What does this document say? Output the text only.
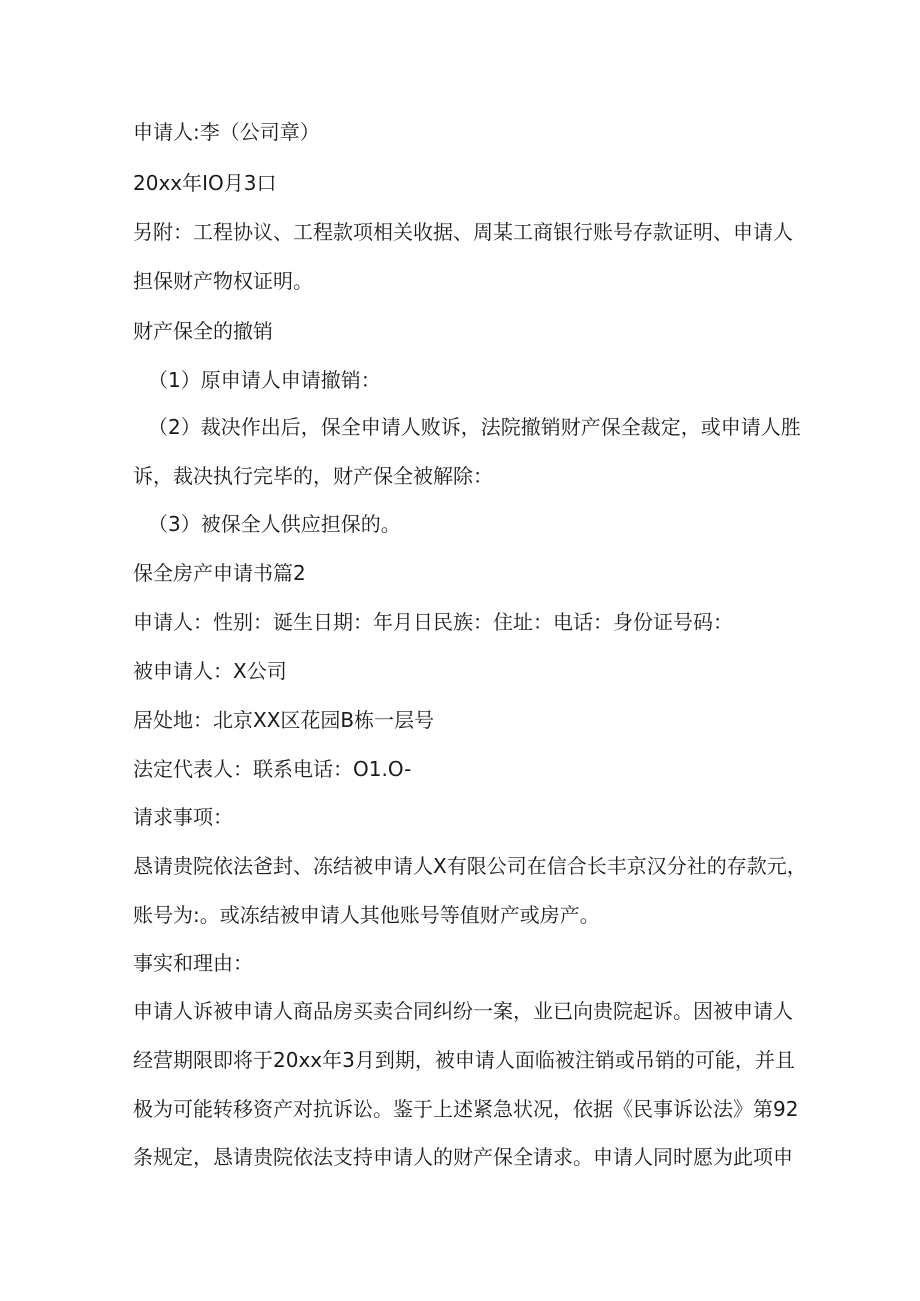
申请人:李（公司章）
20xx年IO月3口
另附：工程协议、工程款项相关收据、周某工商银行账号存款证明、申请人
担保财产物权证明。
财产保全的撤销
（1）原申请人申请撤销：
（2）裁决作出后，保全申请人败诉，法院撤销财产保全裁定，或申请人胜
诉，裁决执行完毕的，财产保全被解除：
（3）被保全人供应担保的。
保全房产申请书篇2
申请人：性别：诞生日期：年月日民族：住址：电话：身份证号码：
被申请人：X公司
居处地：北京XX区花园B栋一层号
法定代表人：联系电话：O1.O-
请求事项：
恳请贵院依法爸封、冻结被申请人X有限公司在信合长丰京汉分社的存款元，
账号为:。或冻结被申请人其他账号等值财产或房产。
事实和理由：
申请人诉被申请人商品房买卖合同纠纷一案，业已向贵院起诉。因被申请人
经营期限即将于20xx年3月到期，被申请人面临被注销或吊销的可能，并且
极为可能转移资产对抗诉讼。鉴于上述紧急状况，依据《民事诉讼法》第92
条规定，恳请贵院依法支持申请人的财产保全请求。申请人同时愿为此项申
